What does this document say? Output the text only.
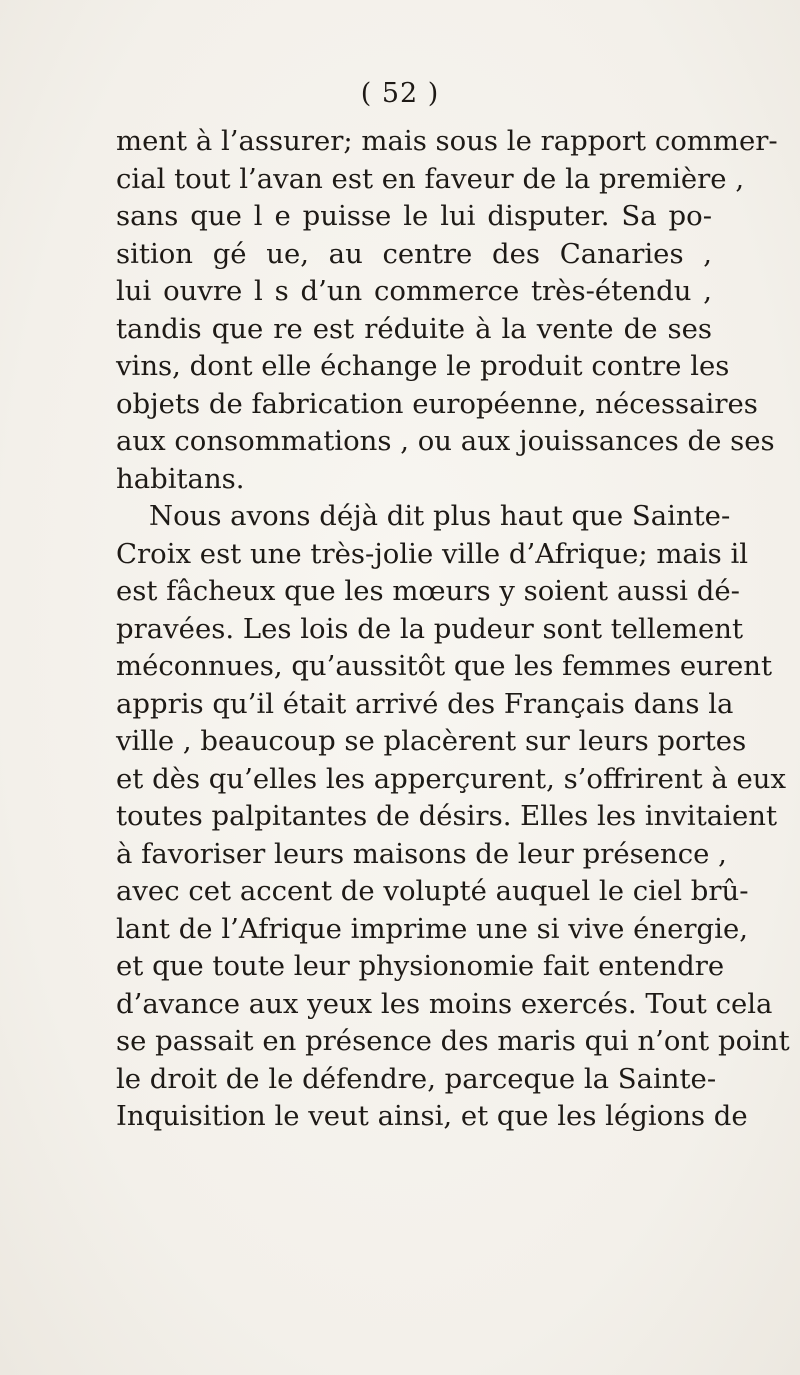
( 52 )
ment à l’assurer; mais sous le rapport commer-
cial tout l’avan est en faveur de la première ,
sans que l e puisse le lui disputer. Sa po-
sition gé ue, au centre des Canaries ,
lui ouvre l s d’un commerce très-étendu ,
tandis que re est réduite à la vente de ses
vins, dont elle échange le produit contre les
objets de fabrication européenne, nécessaires
aux consommations , ou aux jouissances de ses
habitans.
Nous avons déjà dit plus haut que Sainte-
Croix est une très-jolie ville d’Afrique; mais il
est fâcheux que les mœurs y soient aussi dé-
pravées. Les lois de la pudeur sont tellement
méconnues, qu’aussitôt que les femmes eurent
appris qu’il était arrivé des Français dans la
ville , beaucoup se placèrent sur leurs portes
et dès qu’elles les apperçurent, s’offrirent à eux
toutes palpitantes de désirs. Elles les invitaient
à favoriser leurs maisons de leur présence ,
avec cet accent de volupté auquel le ciel brû-
lant de l’Afrique imprime une si vive énergie,
et que toute leur physionomie fait entendre
d’avance aux yeux les moins exercés. Tout cela
se passait en présence des maris qui n’ont point
le droit de le défendre, parceque la Sainte-
Inquisition le veut ainsi, et que les légions de
